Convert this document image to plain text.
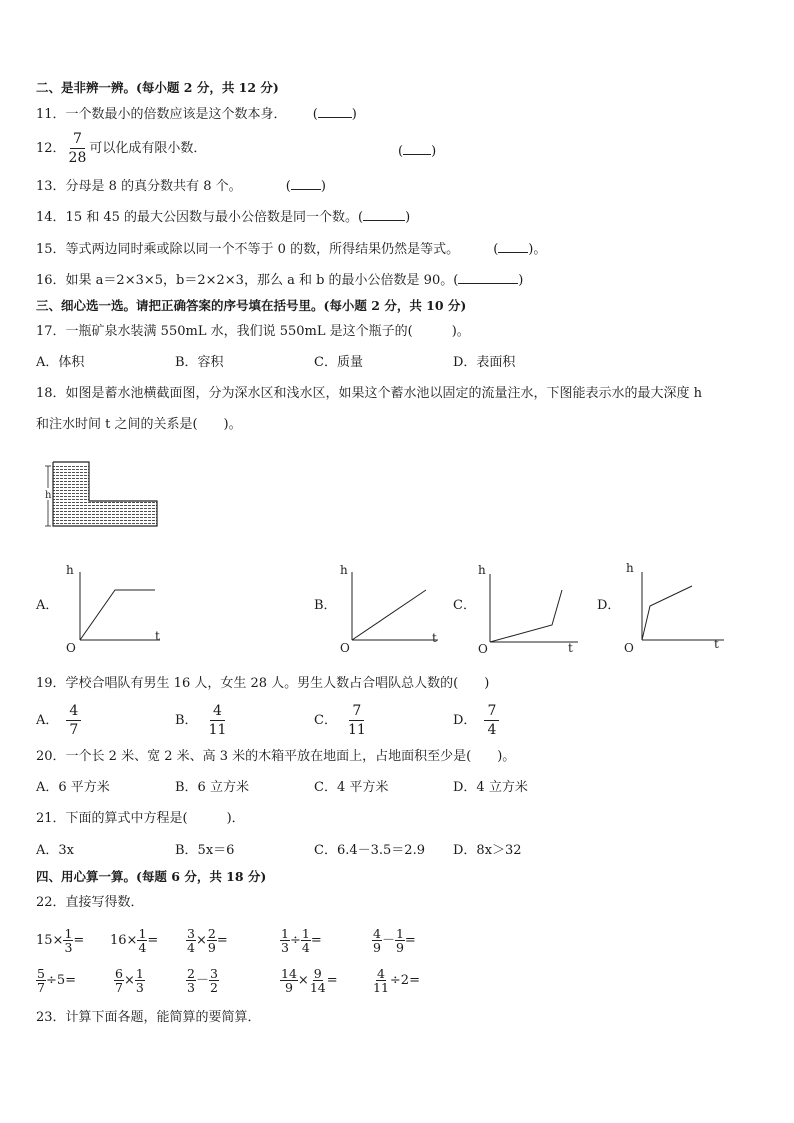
二、是非辨一辨。(每小题 2 分，共 12 分)
11．一个数最小的倍数应该是这个数本身． (	)
12． $\frac{7}{28}$ 可以化成有限小数．	( )
13．分母是 8 的真分数共有 8 个。	( )
14．15 和 45 的最大公因数与最小公倍数是同一个数。(	)
15．等式两边同时乘或除以同一个不等于 0 的数，所得结果仍然是等式。	( )。
16．如果 a＝2×3×5，b＝2×2×3，那么 a 和 b 的最小公倍数是 90。(	)
三、细心选一选。请把正确答案的序号填在括号里。(每小题 2 分，共 10 分)
17．一瓶矿泉水装满 550mL 水，我们说 550mL 是这个瓶子的(　　　)。
A．体积	B．容积	C．质量	D．表面积
18．如图是蓄水池横截面图，分为深水区和浅水区，如果这个蓄水池以固定的流量注水，下图能表示水的最大深度 h
和注水时间 t 之间的关系是(　　)。
h
A．
h
t
O
B．
h
t
O
C．
h
t
O
D．
h
t
O
19．学校合唱队有男生 16 人，女生 28 人。男生人数占合唱队总人数的(　　)
A． $\frac{4}{7}$	B． $\frac{4}{11}$	C． $\frac{7}{11}$	D． $\frac{7}{4}$
20．一个长 2 米、宽 2 米、高 3 米的木箱平放在地面上，占地面积至少是(　　)。
A．6 平方米	B．6 立方米	C．4 平方米	D．4 立方米
21．下面的算式中方程是(　　　)．
A．3x	B．5x＝6	C．6.4－3.5＝2.9 D．8x＞32
四、用心算一算。(每题 6 分，共 18 分)
22．直接写得数．
$15\times \frac{1}{3} = 16\times \frac{1}{4} = \frac{3}{4} \times \frac{2}{9}$ =	$\frac{1}{3} \div \frac{1}{4}$ =	$\frac{4}{9} - \frac{1}{9}$ =
$\frac{5}{7} \div 5=$	$\frac{6}{7} \times \frac{1}{3}$	$\frac{2}{3} - \frac{3}{2}$	$\frac{14}{9} \times \frac{9}{14}$ =	$\frac{4}{11} \div 2=$
23．计算下面各题，能简算的要简算．
